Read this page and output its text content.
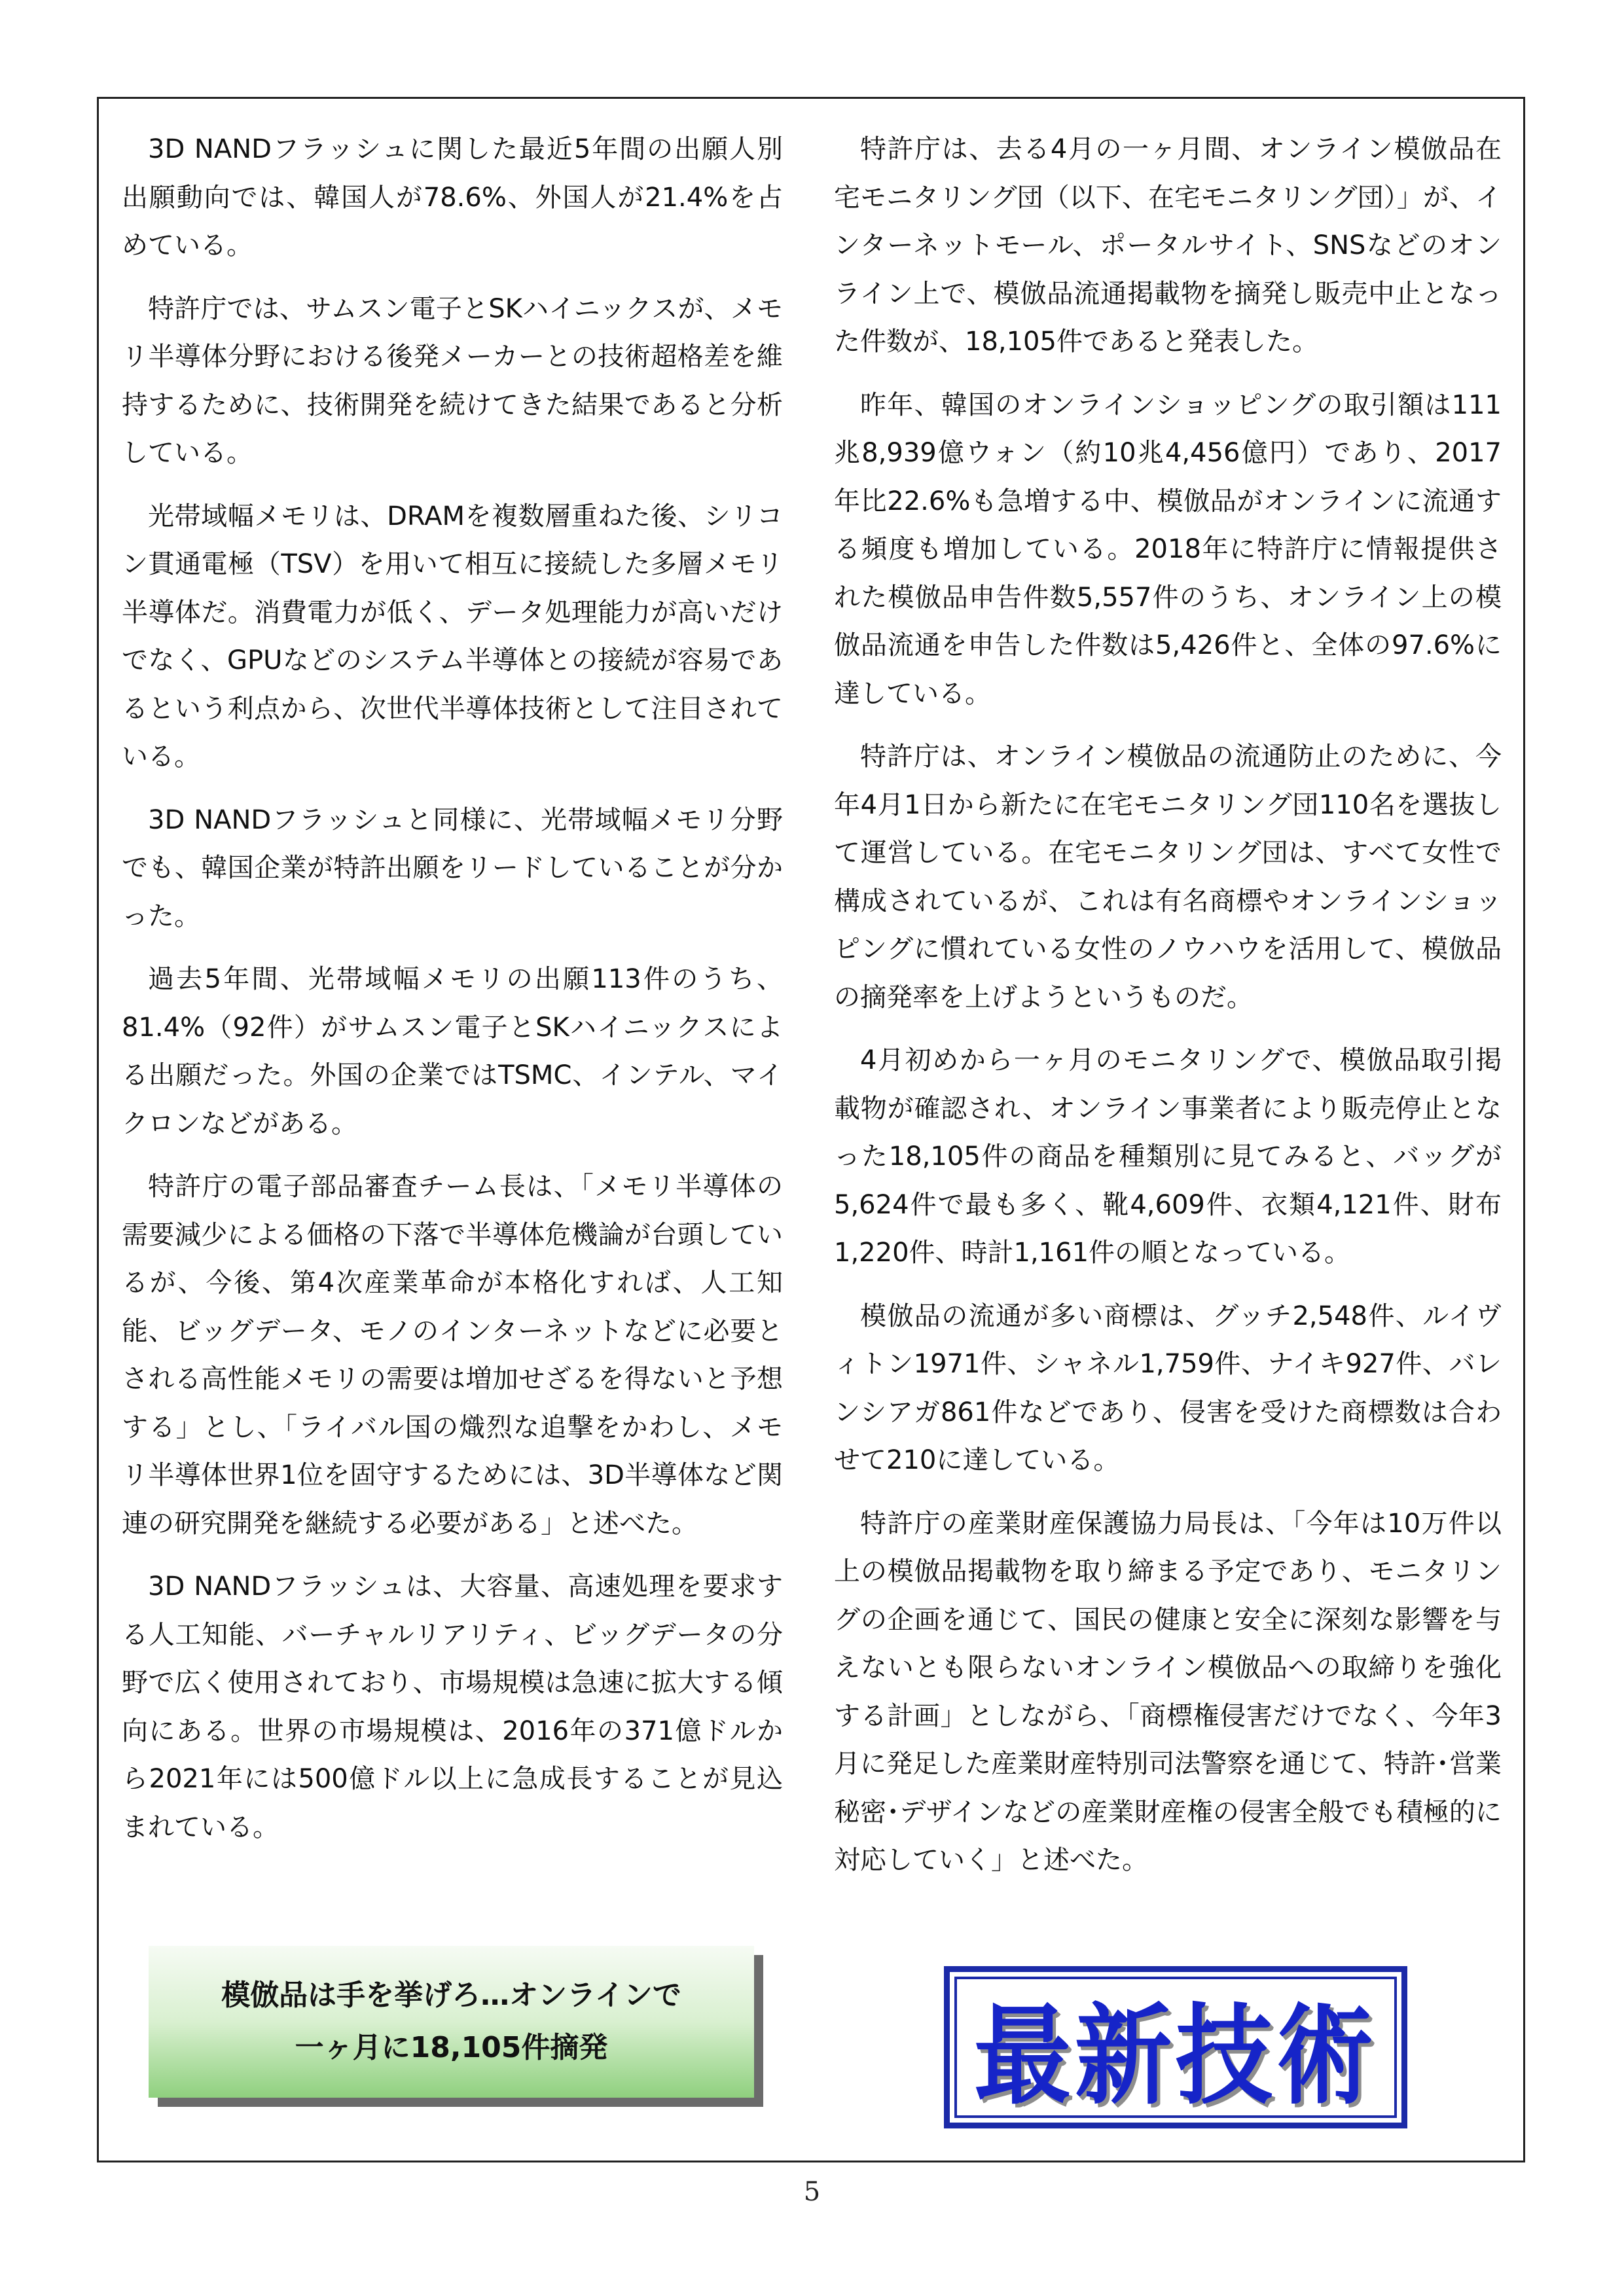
3D NANDフラッシュに関した最近5年間の出願人別出願動向では、韓国人が78.6%、外国人が21.4%を占めている。

特許庁では、サムスン電子とSKハイニックスが、メモリ半導体分野における後発メーカーとの技術超格差を維持するために、技術開発を続けてきた結果であると分析している。

光帯域幅メモリは、DRAMを複数層重ねた後、シリコン貫通電極（TSV）を用いて相互に接続した多層メモリ半導体だ。消費電力が低く、データ処理能力が高いだけでなく、GPUなどのシステム半導体との接続が容易であるという利点から、次世代半導体技術として注目されている。

3D NANDフラッシュと同様に、光帯域幅メモリ分野でも、韓国企業が特許出願をリードしていることが分かった。

過去5年間、光帯域幅メモリの出願113件のうち、81.4%（92件）がサムスン電子とSKハイニックスによる出願だった。外国の企業ではTSMC、インテル、マイクロンなどがある。

特許庁の電子部品審査チーム長は、「メモリ半導体の需要減少による価格の下落で半導体危機論が台頭しているが、今後、第4次産業革命が本格化すれば、人工知能、ビッグデータ、モノのインターネットなどに必要とされる高性能メモリの需要は増加せざるを得ないと予想する」とし、「ライバル国の熾烈な追撃をかわし、メモリ半導体世界1位を固守するためには、3D半導体など関連の研究開発を継続する必要がある」と述べた。

3D NANDフラッシュは、大容量、高速処理を要求する人工知能、バーチャルリアリティ、ビッグデータの分野で広く使用されており、市場規模は急速に拡大する傾向にある。世界の市場規模は、2016年の371億ドルから2021年には500億ドル以上に急成長することが見込まれている。

特許庁は、去る4月の一ヶ月間、オンライン模倣品在宅モニタリング団（以下、在宅モニタリング団）」が、インターネットモール、ポータルサイト、SNSなどのオンライン上で、模倣品流通掲載物を摘発し販売中止となった件数が、18,105件であると発表した。

昨年、韓国のオンラインショッピングの取引額は111兆8,939億ウォン（約10兆4,456億円）であり、2017年比22.6%も急増する中、模倣品がオンラインに流通する頻度も増加している。2018年に特許庁に情報提供された模倣品申告件数5,557件のうち、オンライン上の模倣品流通を申告した件数は5,426件と、全体の97.6%に達している。

特許庁は、オンライン模倣品の流通防止のために、今年4月1日から新たに在宅モニタリング団110名を選抜して運営している。在宅モニタリング団は、すべて女性で構成されているが、これは有名商標やオンラインショッピングに慣れている女性のノウハウを活用して、模倣品の摘発率を上げようというものだ。

4月初めから一ヶ月のモニタリングで、模倣品取引掲載物が確認され、オンライン事業者により販売停止となった18,105件の商品を種類別に見てみると、バッグが5,624件で最も多く、靴4,609件、衣類4,121件、財布1,220件、時計1,161件の順となっている。

模倣品の流通が多い商標は、グッチ2,548件、ルイヴィトン1971件、シャネル1,759件、ナイキ927件、バレンシアガ861件などであり、侵害を受けた商標数は合わせて210に達している。

特許庁の産業財産保護協力局長は、「今年は10万件以上の模倣品掲載物を取り締まる予定であり、モニタリングの企画を通じて、国民の健康と安全に深刻な影響を与えないとも限らないオンライン模倣品への取締りを強化する計画」としながら、「商標権侵害だけでなく、今年3月に発足した産業財産特別司法警察を通じて、特許･営業秘密･デザインなどの産業財産権の侵害全般でも積極的に対応していく」と述べた。

模倣品は手を挙げろ…オンラインで
一ヶ月に18,105件摘発	最新技術
5
